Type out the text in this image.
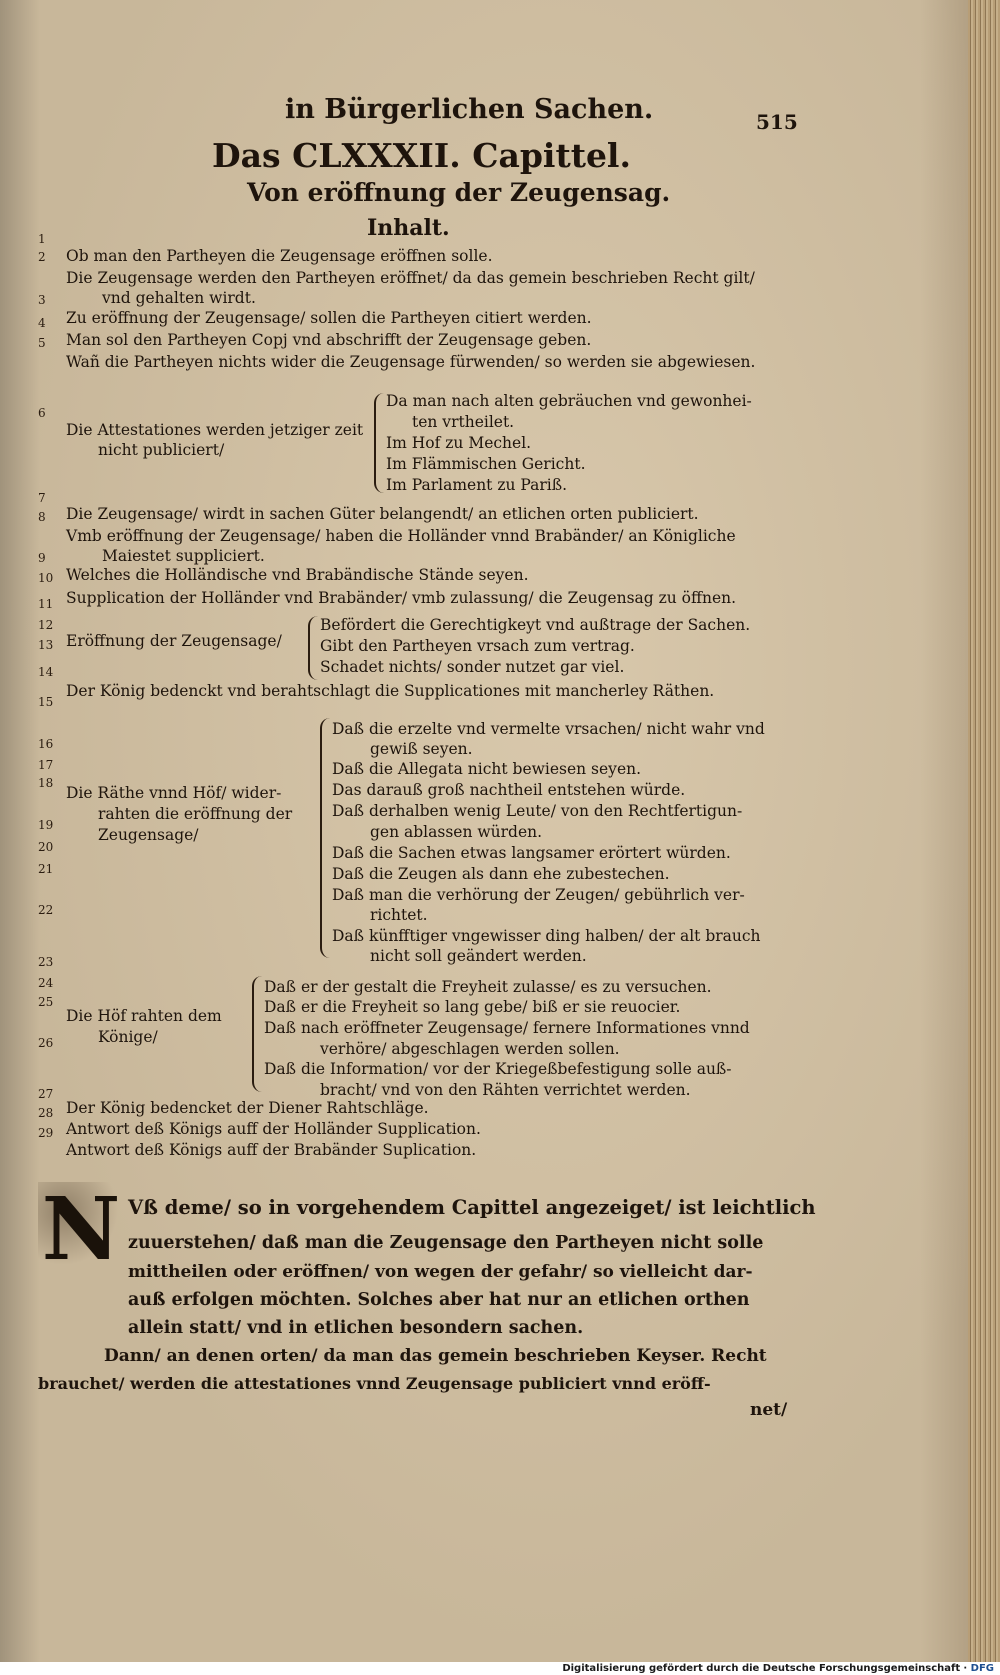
in Bürgerlichen Sachen.	515
Das CLXXXII. Capittel.
Von eröffnung der Zeugensag.
Inhalt.
1
2
3
4
5
6
7
8
9
10
11
12
13
14
15
16
17
18
19
20
21
22
23
24
25
26
27
28
29
Ob man den Partheyen die Zeugensage eröffnen solle.
Die Zeugensage werden den Partheyen eröffnet/ da das gemein beschrieben Recht gilt/
vnd gehalten wirdt.
Zu eröffnung der Zeugensage/ sollen die Partheyen citiert werden.
Man sol den Partheyen Copj vnd abschrifft der Zeugensage geben.
Wañ die Partheyen nichts wider die Zeugensage fürwenden/ so werden sie abgewiesen.
Die Attestationes werden jetziger zeit
nicht publiciert/
Da man nach alten gebräuchen vnd gewonhei-
ten vrtheilet.
Im Hof zu Mechel.
Im Flämmischen Gericht.
Im Parlament zu Pariß.
Die Zeugensage/ wirdt in sachen Güter belangendt/ an etlichen orten publiciert.
Vmb eröffnung der Zeugensage/ haben die Holländer vnnd Brabänder/ an Königliche
Maiestet suppliciert.
Welches die Holländische vnd Brabändische Stände seyen.
Supplication der Holländer vnd Brabänder/ vmb zulassung/ die Zeugensag zu öffnen.
Eröffnung der Zeugensage/
Befördert die Gerechtigkeyt vnd außtrage der Sachen.
Gibt den Partheyen vrsach zum vertrag.
Schadet nichts/ sonder nutzet gar viel.
Der König bedenckt vnd berahtschlagt die Supplicationes mit mancherley Räthen.
Die Räthe vnnd Höf/ wider-
rahten die eröffnung der
Zeugensage/
Daß die erzelte vnd vermelte vrsachen/ nicht wahr vnd
gewiß seyen.
Daß die Allegata nicht bewiesen seyen.
Das darauß groß nachtheil entstehen würde.
Daß derhalben wenig Leute/ von den Rechtfertigun-
gen ablassen würden.
Daß die Sachen etwas langsamer erörtert würden.
Daß die Zeugen als dann ehe zubestechen.
Daß man die verhörung der Zeugen/ gebührlich ver-
richtet.
Daß künfftiger vngewisser ding halben/ der alt brauch
nicht soll geändert werden.
Die Höf rahten dem
Könige/
Daß er der gestalt die Freyheit zulasse/ es zu versuchen.
Daß er die Freyheit so lang gebe/ biß er sie reuocier.
Daß nach eröffneter Zeugensage/ fernere Informationes vnnd
verhöre/ abgeschlagen werden sollen.
Daß die Information/ vor der Kriegeßbefestigung solle auß-
bracht/ vnd von den Rähten verrichtet werden.
Der König bedencket der Diener Rahtschläge.
Antwort deß Königs auff der Holländer Supplication.
Antwort deß Königs auff der Brabänder Suplication.
N Vß deme/ so in vorgehendem Capittel angezeiget/ ist leichtlich
zuuerstehen/ daß man die Zeugensage den Partheyen nicht solle
mittheilen oder eröffnen/ von wegen der gefahr/ so vielleicht dar-
auß erfolgen möchten. Solches aber hat nur an etlichen orthen
allein statt/ vnd in etlichen besondern sachen.
Dann/ an denen orten/ da man das gemein beschrieben Keyser. Recht
brauchet/ werden die attestationes vnnd Zeugensage publiciert vnnd eröff-
net/
Digitalisierung gefördert durch die Deutsche Forschungsgemeinschaft · DFG
